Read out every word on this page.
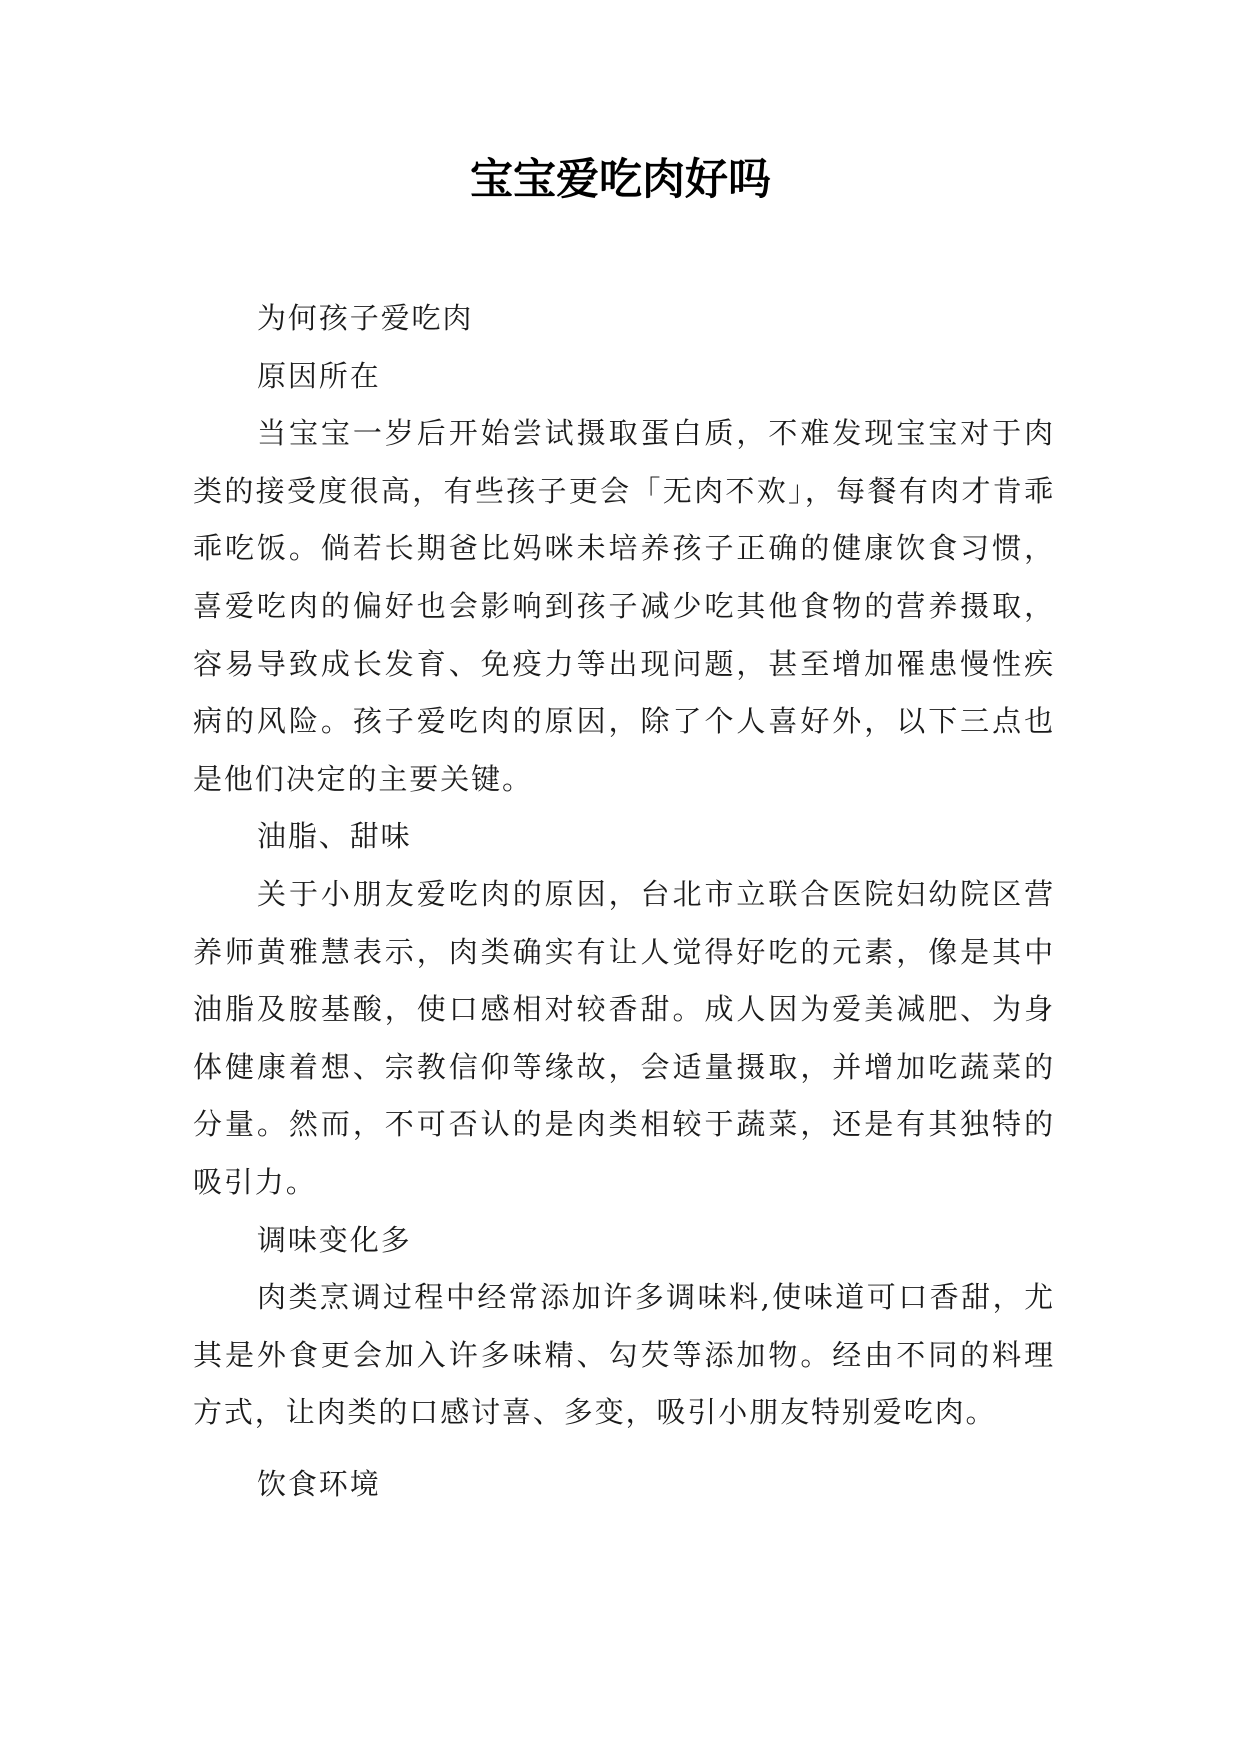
宝宝爱吃肉好吗

为何孩子爱吃肉

原因所在

当宝宝一岁后开始尝试摄取蛋白质，不难发现宝宝对于肉类的接受度很高，有些孩子更会「无肉不欢」，每餐有肉才肯乖乖吃饭。倘若长期爸比妈咪未培养孩子正确的健康饮食习惯，喜爱吃肉的偏好也会影响到孩子减少吃其他食物的营养摄取，容易导致成长发育、免疫力等出现问题，甚至增加罹患慢性疾病的风险。孩子爱吃肉的原因，除了个人喜好外，以下三点也是他们决定的主要关键。

油脂、甜味

关于小朋友爱吃肉的原因，台北市立联合医院妇幼院区营养师黄雅慧表示，肉类确实有让人觉得好吃的元素，像是其中油脂及胺基酸，使口感相对较香甜。成人因为爱美减肥、为身体健康着想、宗教信仰等缘故，会适量摄取，并增加吃蔬菜的分量。然而，不可否认的是肉类相较于蔬菜，还是有其独特的吸引力。

调味变化多

肉类烹调过程中经常添加许多调味料,使味道可口香甜，尤其是外食更会加入许多味精、勾芡等添加物。经由不同的料理方式，让肉类的口感讨喜、多变，吸引小朋友特别爱吃肉。

饮食环境
